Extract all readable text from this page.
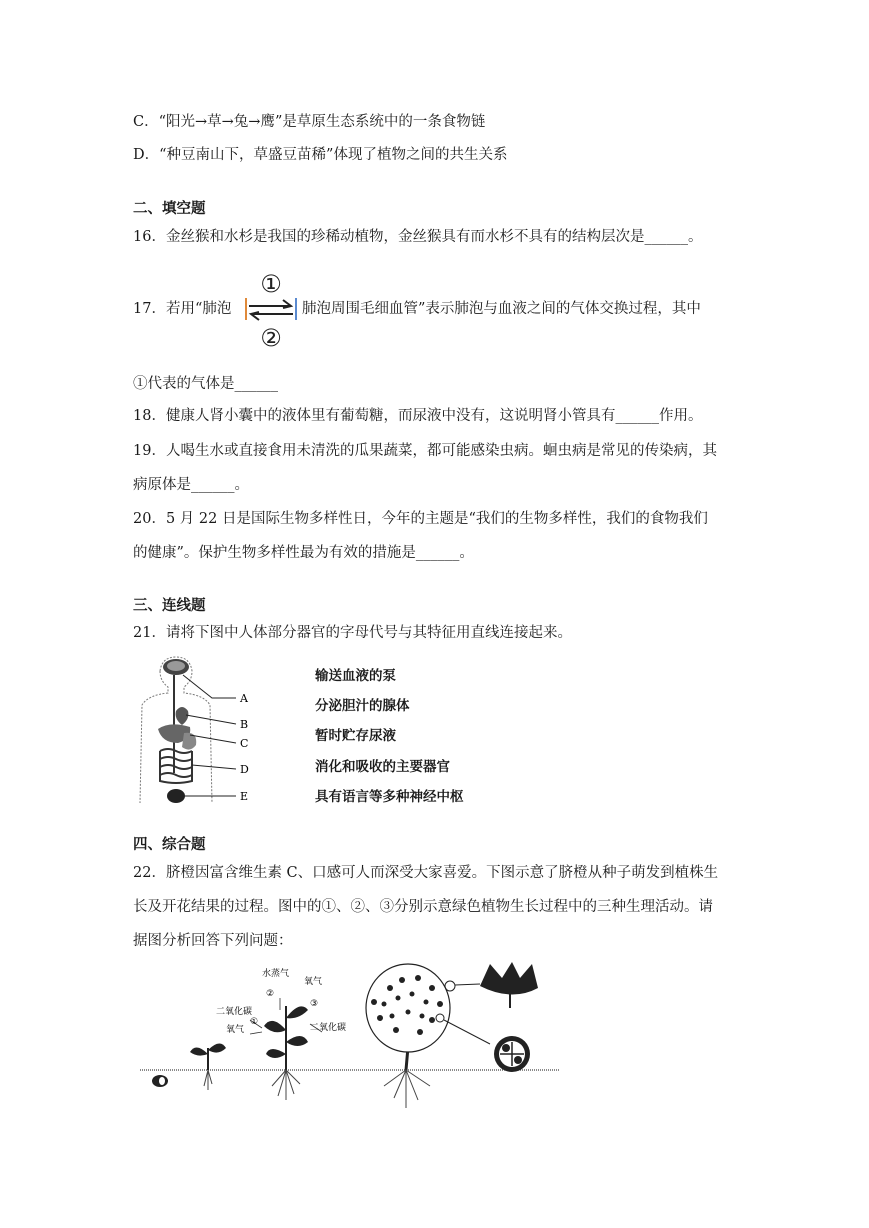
C．“阳光→草→兔→鹰”是草原生态系统中的一条食物链
D．“种豆南山下，草盛豆苗稀”体现了植物之间的共生关系
二、填空题
16．金丝猴和水杉是我国的珍稀动植物，金丝猴具有而水杉不具有的结构层次是______。
17．若用“肺泡
①
②
肺泡周围毛细血管”表示肺泡与血液之间的气体交换过程，其中
①代表的气体是______
18．健康人肾小囊中的液体里有葡萄糖，而尿液中没有，这说明肾小管具有______作用。
19．人喝生水或直接食用未清洗的瓜果蔬菜，都可能感染虫病。蛔虫病是常见的传染病，其
病原体是______。
20．5 月 22 日是国际生物多样性日，今年的主题是“我们的生物多样性，我们的食物我们
的健康”。保护生物多样性最为有效的措施是______。
三、连线题
21．请将下图中人体部分器官的字母代号与其特征用直线连接起来。
A
B
C
D
E
输送血液的泵
分泌胆汁的腺体
暂时贮存尿液
消化和吸收的主要器官
具有语言等多种神经中枢
四、综合题
22．脐橙因富含维生素 C、口感可人而深受大家喜爱。下图示意了脐橙从种子萌发到植株生
长及开花结果的过程。图中的①、②、③分别示意绿色植物生长过程中的三种生理活动。请
据图分析回答下列问题：
水蒸气
氧气
二氧化碳
氧气	二氧化碳
①
②
③
